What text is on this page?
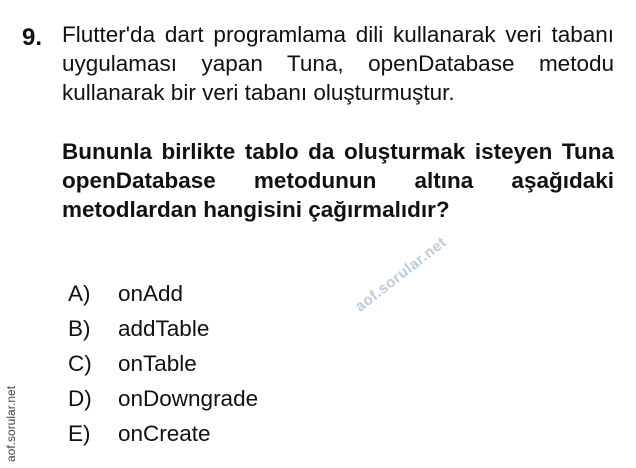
9. Flutter'da dart programlama dili kullanarak veri tabanı uygulaması yapan Tuna, openDatabase metodu kullanarak bir veri tabanı oluşturmuştur.

Bununla birlikte tablo da oluşturmak isteyen Tuna openDatabase metodunun altına aşağıdaki metodlardan hangisini çağırmalıdır?

A)	onAdd
B)	addTable
C)	onTable
D)	onDowngrade
E)	onCreate
aof.sorular.net
aof.sorular.net
